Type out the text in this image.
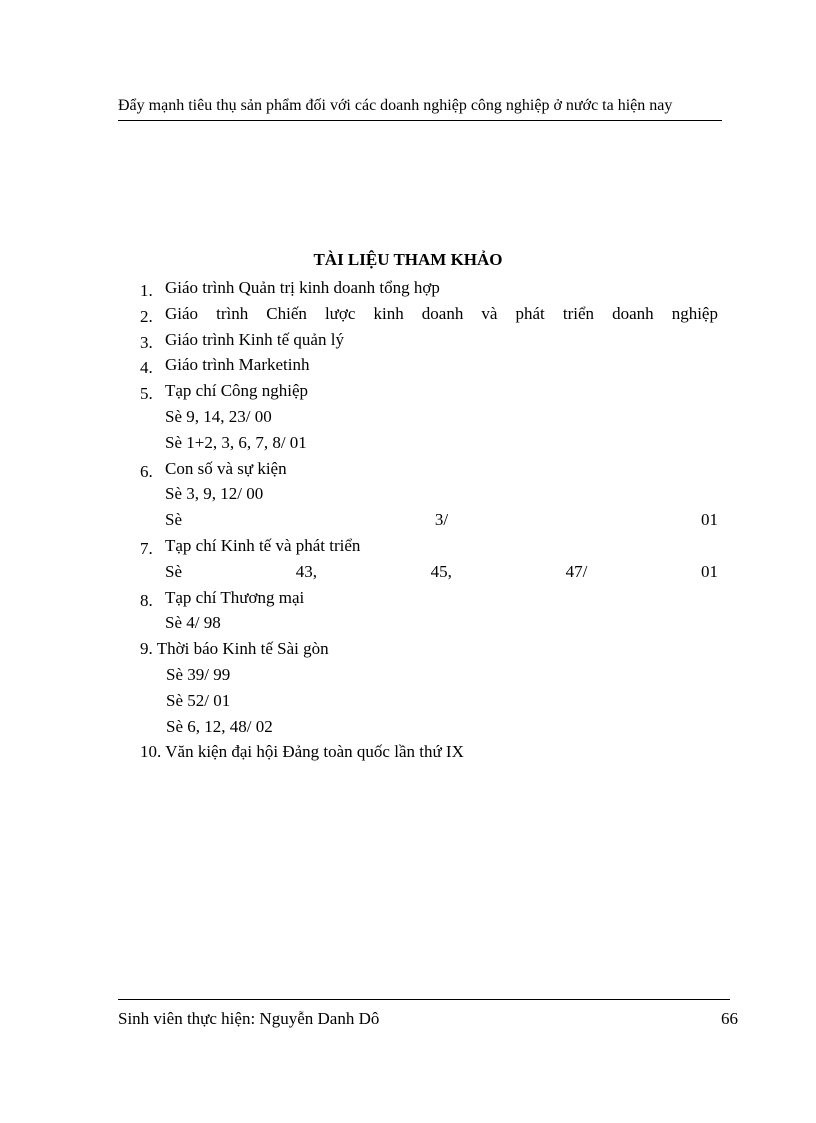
Đẩy mạnh tiêu thụ sản phẩm đối với các doanh nghiệp công nghiệp ở nước ta hiện nay
TÀI LIỆU THAM KHẢO
1. Giáo trình Quản trị kinh doanh tổng hợp
2. Giáo trình Chiến lược kinh doanh và phát triển doanh nghiệp
3. Giáo trình Kinh tế quản lý
4. Giáo trình Marketinh
5. Tạp chí Công nghiệp
Sè 9, 14, 23/ 00
Sè 1+2, 3, 6, 7, 8/ 01
6. Con số và sự kiện
Sè 3, 9, 12/ 00
Sè	3/	01
7. Tạp chí Kinh tế và phát triển
Sè	43,	45,	47/	01
8. Tạp chí Thương mại
Sè 4/ 98
9. Thời báo Kinh tế Sài gòn
Sè 39/ 99
Sè 52/ 01
Sè 6, 12, 48/ 02
10. Văn kiện đại hội Đảng toàn quốc lần thứ IX
Sinh viên thực hiện: Nguyễn Danh Dô	66
